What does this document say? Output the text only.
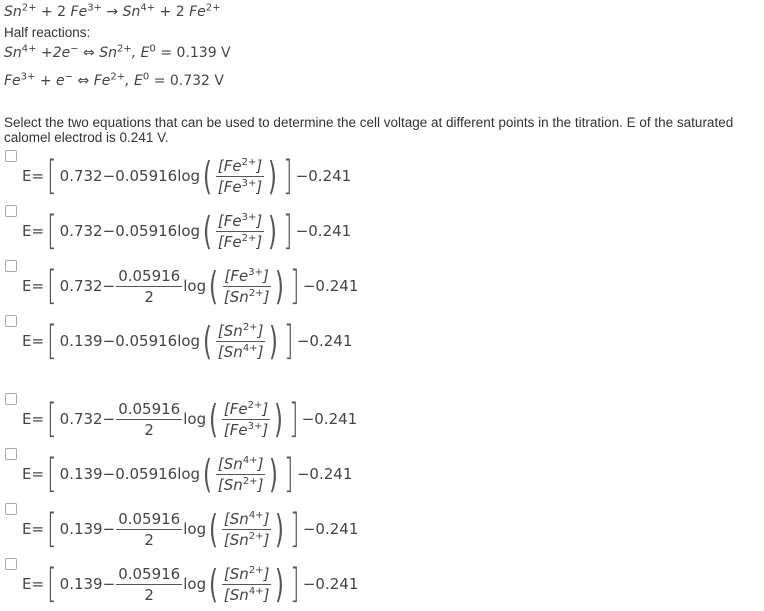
$Sn^{2+} + 2$ $Fe^{3+} \to Sn^{4+} + 2$ $Fe^{2+}$
Half reactions:
$Sn^{4+} +2e^-$ ⇔ $Sn^{2+}$, $E^0 = 0.139$ V
$Fe^{3+} + e^-$ ⇔ $Fe^{2+}$, $E^0 = 0.732$ V
Select the two equations that can be used to determine the cell voltage at different points in the titration. E of the saturated calomel electrod is 0.241 V.
E= [ 0.732 − 0.05916log ( $\frac{[Fe^{2+}]}{[Fe^{3+}]}$ ) ] −0.241
E= [ 0.732 − 0.05916log ( $\frac{[Fe^{3+}]}{[Fe^{2+}]}$ ) ] −0.241
E= [ $0.732 - \frac{0.05916}{2}$ log ( $\frac{[Fe^{3+}]}{[Sn^{2+}]}$ ) ] −0.241
E= [ 0.139 − 0.05916log ( $\frac{[Sn^{2+}]}{[Sn^{4+}]}$ ) ] −0.241
E= [ $0.732 - \frac{0.05916}{2}$ log ( $\frac{[Fe^{2+}]}{[Fe^{3+}]}$ ) ] −0.241
E= [ 0.139 − 0.05916log ( $\frac{[Sn^{4+}]}{[Sn^{2+}]}$ ) ] −0.241
E= [ $0.139 - \frac{0.05916}{2}$ log ( $\frac{[Sn^{4+}]}{[Sn^{2+}]}$ ) ] −0.241
E= [ $0.139 - \frac{0.05916}{2}$ log ( $\frac{[Sn^{2+}]}{[Sn^{4+}]}$ ) ] −0.241
